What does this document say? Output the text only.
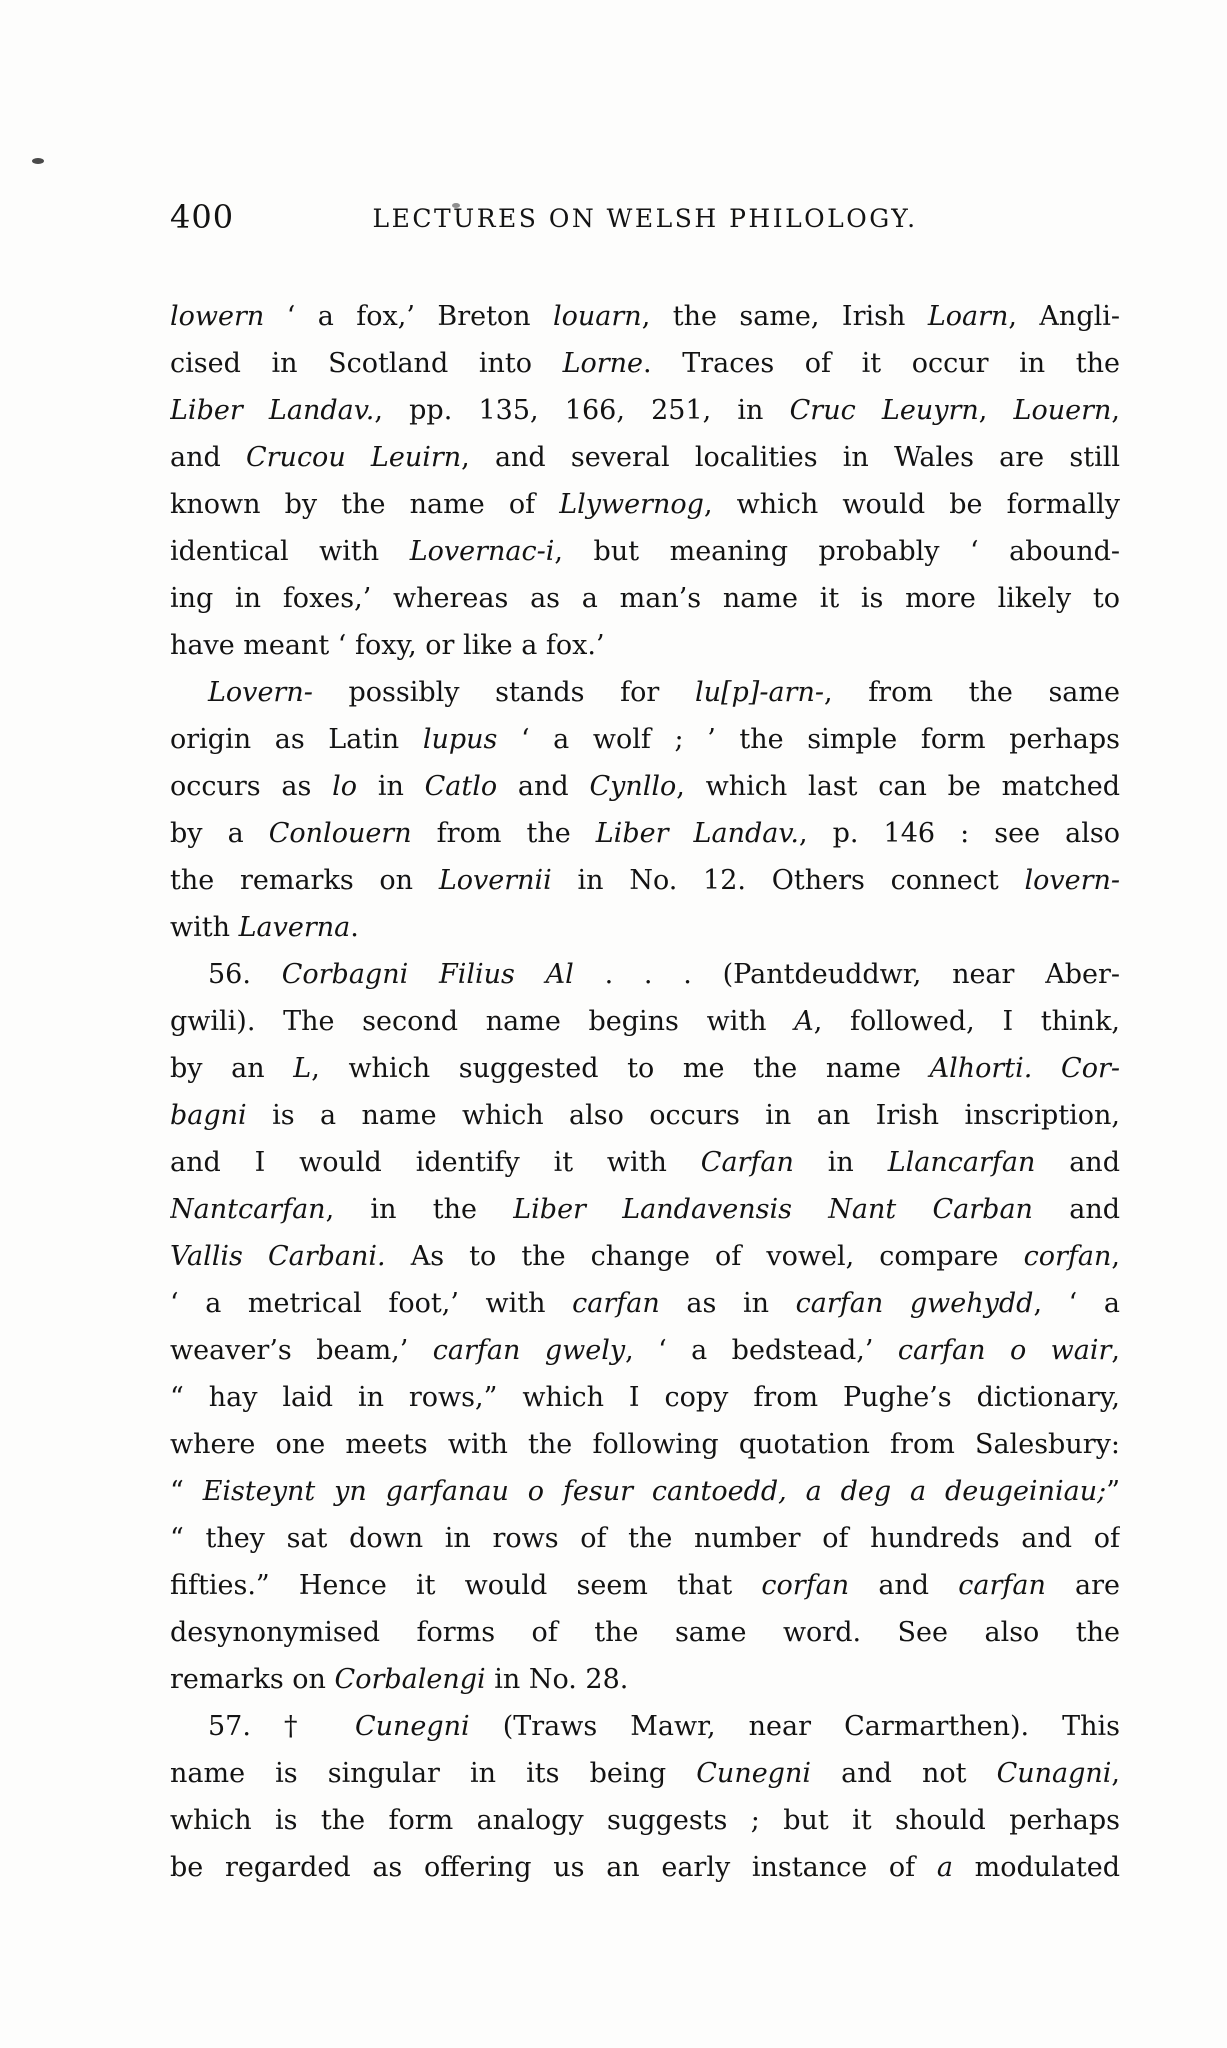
400	LECTURES ON WELSH PHILOLOGY.
lowern ‘ a fox,’ Breton louarn, the same, Irish Loarn, Angli-
cised in Scotland into Lorne. Traces of it occur in the
Liber Landav., pp. 135, 166, 251, in Cruc Leuyrn, Louern,
and Crucou Leuirn, and several localities in Wales are still
known by the name of Llywernog, which would be formally
identical with Lovernac-i, but meaning probably ‘ abound-
ing in foxes,’ whereas as a man’s name it is more likely to
have meant ‘ foxy, or like a fox.’
Lovern- possibly stands for lu[p]-arn-, from the same
origin as Latin lupus ‘ a wolf ; ’ the simple form perhaps
occurs as lo in Catlo and Cynllo, which last can be matched
by a Conlouern from the Liber Landav., p. 146 : see also
the remarks on Lovernii in No. 12. Others connect lovern-
with Laverna.
56. Corbagni Filius Al . . . (Pantdeuddwr, near Aber-
gwili). The second name begins with A, followed, I think,
by an L, which suggested to me the name Alhorti. Cor-
bagni is a name which also occurs in an Irish inscription,
and I would identify it with Carfan in Llancarfan and
Nantcarfan, in the Liber Landavensis Nant Carban and
Vallis Carbani. As to the change of vowel, compare corfan,
‘ a metrical foot,’ with carfan as in carfan gwehydd, ‘ a
weaver’s beam,’ carfan gwely, ‘ a bedstead,’ carfan o wair,
“ hay laid in rows,” which I copy from Pughe’s dictionary,
where one meets with the following quotation from Salesbury:
“ Eisteynt yn garfanau o fesur cantoedd, a deg a deugeiniau;”
“ they sat down in rows of the number of hundreds and of
fifties.” Hence it would seem that corfan and carfan are
desynonymised forms of the same word. See also the
remarks on Corbalengi in No. 28.
57. † Cunegni (Traws Mawr, near Carmarthen). This
name is singular in its being Cunegni and not Cunagni,
which is the form analogy suggests ; but it should perhaps
be regarded as offering us an early instance of a modulated
